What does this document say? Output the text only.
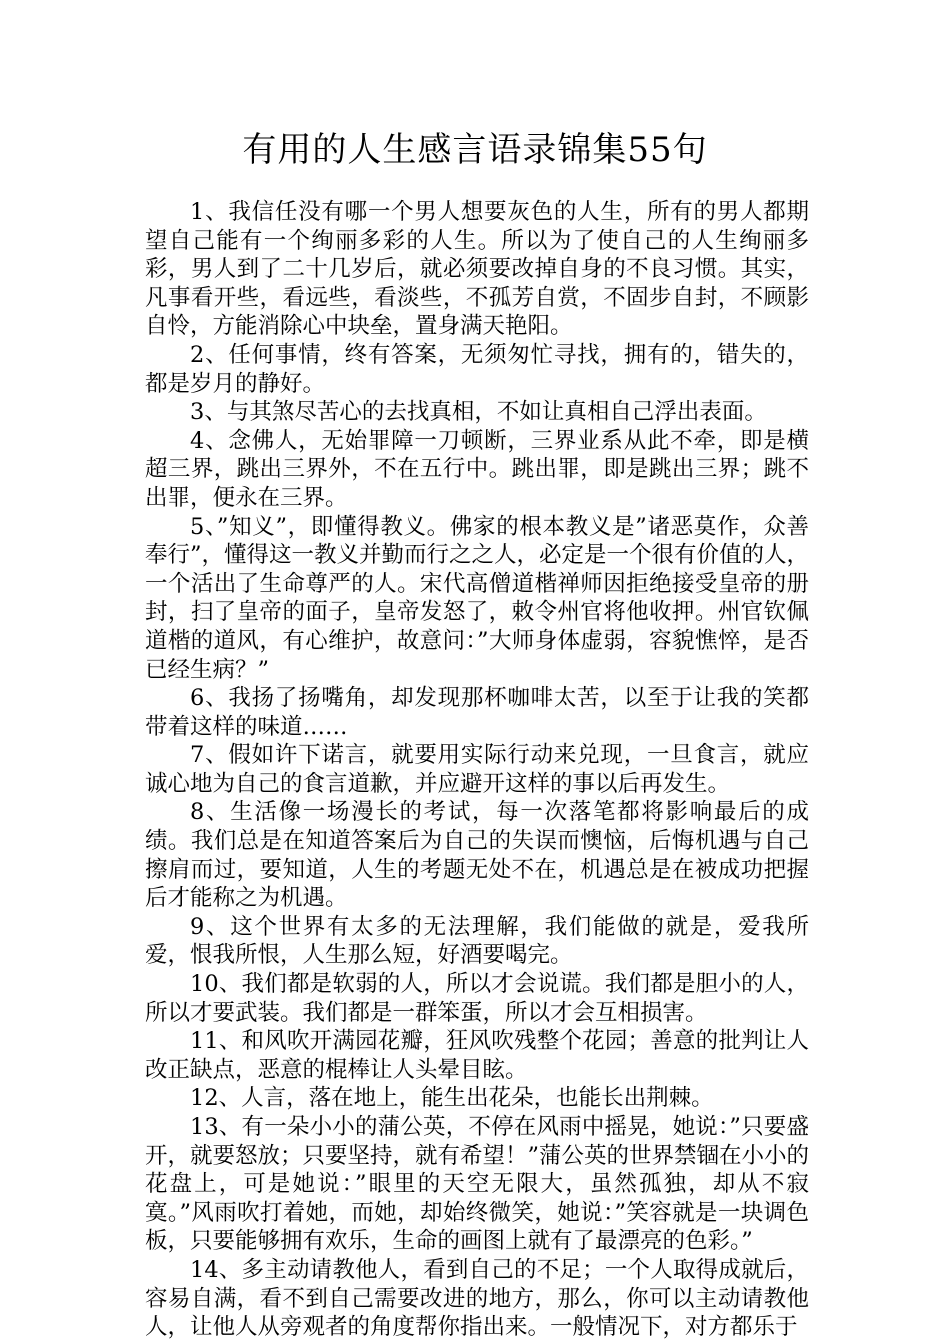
有用的人生感言语录锦集55句

1、我信任没有哪一个男人想要灰色的人生，所有的男人都期望自己能有一个绚丽多彩的人生。所以为了使自己的人生绚丽多彩，男人到了二十几岁后，就必须要改掉自身的不良习惯。其实，凡事看开些，看远些，看淡些，不孤芳自赏，不固步自封，不顾影自怜，方能消除心中块垒，置身满天艳阳。

2、任何事情，终有答案，无须匆忙寻找，拥有的，错失的，都是岁月的静好。

3、与其煞尽苦心的去找真相，不如让真相自己浮出表面。

4、念佛人，无始罪障一刀顿断，三界业系从此不牵，即是横超三界，跳出三界外，不在五行中。跳出罪，即是跳出三界；跳不出罪，便永在三界。

5、”知义”，即懂得教义。佛家的根本教义是”诸恶莫作，众善奉行”，懂得这一教义并勤而行之之人，必定是一个很有价值的人，一个活出了生命尊严的人。宋代高僧道楷禅师因拒绝接受皇帝的册封，扫了皇帝的面子，皇帝发怒了，敕令州官将他收押。州官钦佩道楷的道风，有心维护，故意问：”大师身体虚弱，容貌憔悴，是否已经生病？”

6、我扬了扬嘴角，却发现那杯咖啡太苦，以至于让我的笑都带着这样的味道……

7、假如许下诺言，就要用实际行动来兑现，一旦食言，就应诚心地为自己的食言道歉，并应避开这样的事以后再发生。

8、生活像一场漫长的考试，每一次落笔都将影响最后的成绩。我们总是在知道答案后为自己的失误而懊恼，后悔机遇与自己擦肩而过，要知道，人生的考题无处不在，机遇总是在被成功把握后才能称之为机遇。

9、这个世界有太多的无法理解，我们能做的就是，爱我所爱，恨我所恨，人生那么短，好酒要喝完。

10、我们都是软弱的人，所以才会说谎。我们都是胆小的人，所以才要武装。我们都是一群笨蛋，所以才会互相损害。

11、和风吹开满园花瓣，狂风吹残整个花园；善意的批判让人改正缺点，恶意的棍棒让人头晕目眩。

12、人言，落在地上，能生出花朵，也能长出荆棘。

13、有一朵小小的蒲公英，不停在风雨中摇晃，她说：”只要盛开，就要怒放；只要坚持，就有希望！”蒲公英的世界禁锢在小小的花盘上，可是她说：”眼里的天空无限大，虽然孤独，却从不寂寞。”风雨吹打着她，而她，却始终微笑，她说：”笑容就是一块调色板，只要能够拥有欢乐，生命的画图上就有了最漂亮的色彩。”

14、多主动请教他人，看到自己的不足；一个人取得成就后，容易自满，看不到自己需要改进的地方，那么，你可以主动请教他人，让他人从旁观者的角度帮你指出来。一般情况下，对方都乐于
